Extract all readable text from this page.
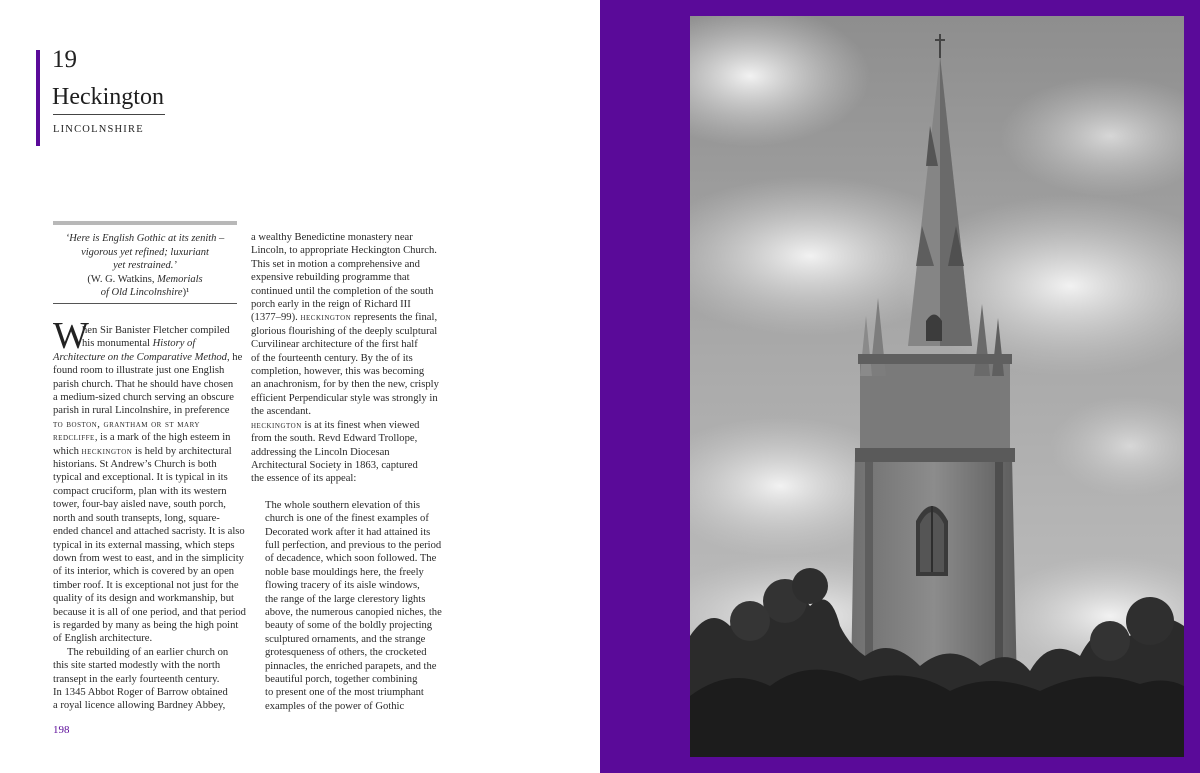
19
Heckington
LINCOLNSHIRE
‘Here is English Gothic at its zenith –
vigorous yet refined; luxuriant
yet restrained.’
(W. G. Watkins, Memorials
of Old Lincolnshire)¹
W
hen Sir Banister Fletcher compiled
his monumental History of
Architecture on the Comparative Method, he
found room to illustrate just one English
parish church. That he should have chosen
a medium-sized church serving an obscure
parish in rural Lincolnshire, in preference
to boston, grantham or st mary
redcliffe, is a mark of the high esteem in
which heckington is held by architectural
historians. St Andrew’s Church is both
typical and exceptional. It is typical in its
compact cruciform, plan with its western
tower, four-bay aisled nave, south porch,
north and south transepts, long, square-
ended chancel and attached sacristy. It is also
typical in its external massing, which steps
down from west to east, and in the simplicity
of its interior, which is covered by an open
timber roof. It is exceptional not just for the
quality of its design and workmanship, but
because it is all of one period, and that period
is regarded by many as being the high point
of English architecture.
The rebuilding of an earlier church on
this site started modestly with the north
transept in the early fourteenth century.
In 1345 Abbot Roger of Barrow obtained
a royal licence allowing Bardney Abbey,
a wealthy Benedictine monastery near
Lincoln, to appropriate Heckington Church.
This set in motion a comprehensive and
expensive rebuilding programme that
continued until the completion of the south
porch early in the reign of Richard III
(1377–99). heckington represents the final,
glorious flourishing of the deeply sculptural
Curvilinear architecture of the first half
of the fourteenth century. By the of its
completion, however, this was becoming
an anachronism, for by then the new, crisply
efficient Perpendicular style was strongly in
the ascendant.
heckington is at its finest when viewed
from the south. Revd Edward Trollope,
addressing the Lincoln Diocesan
Architectural Society in 1863, captured
the essence of its appeal:
The whole southern elevation of this
church is one of the finest examples of
Decorated work after it had attained its
full perfection, and previous to the period
of decadence, which soon followed. The
noble base mouldings here, the freely
flowing tracery of its aisle windows,
the range of the large clerestory lights
above, the numerous canopied niches, the
beauty of some of the boldly projecting
sculptured ornaments, and the strange
grotesqueness of others, the crocketed
pinnacles, the enriched parapets, and the
beautiful porch, together combining
to present one of the most triumphant
examples of the power of Gothic
198
